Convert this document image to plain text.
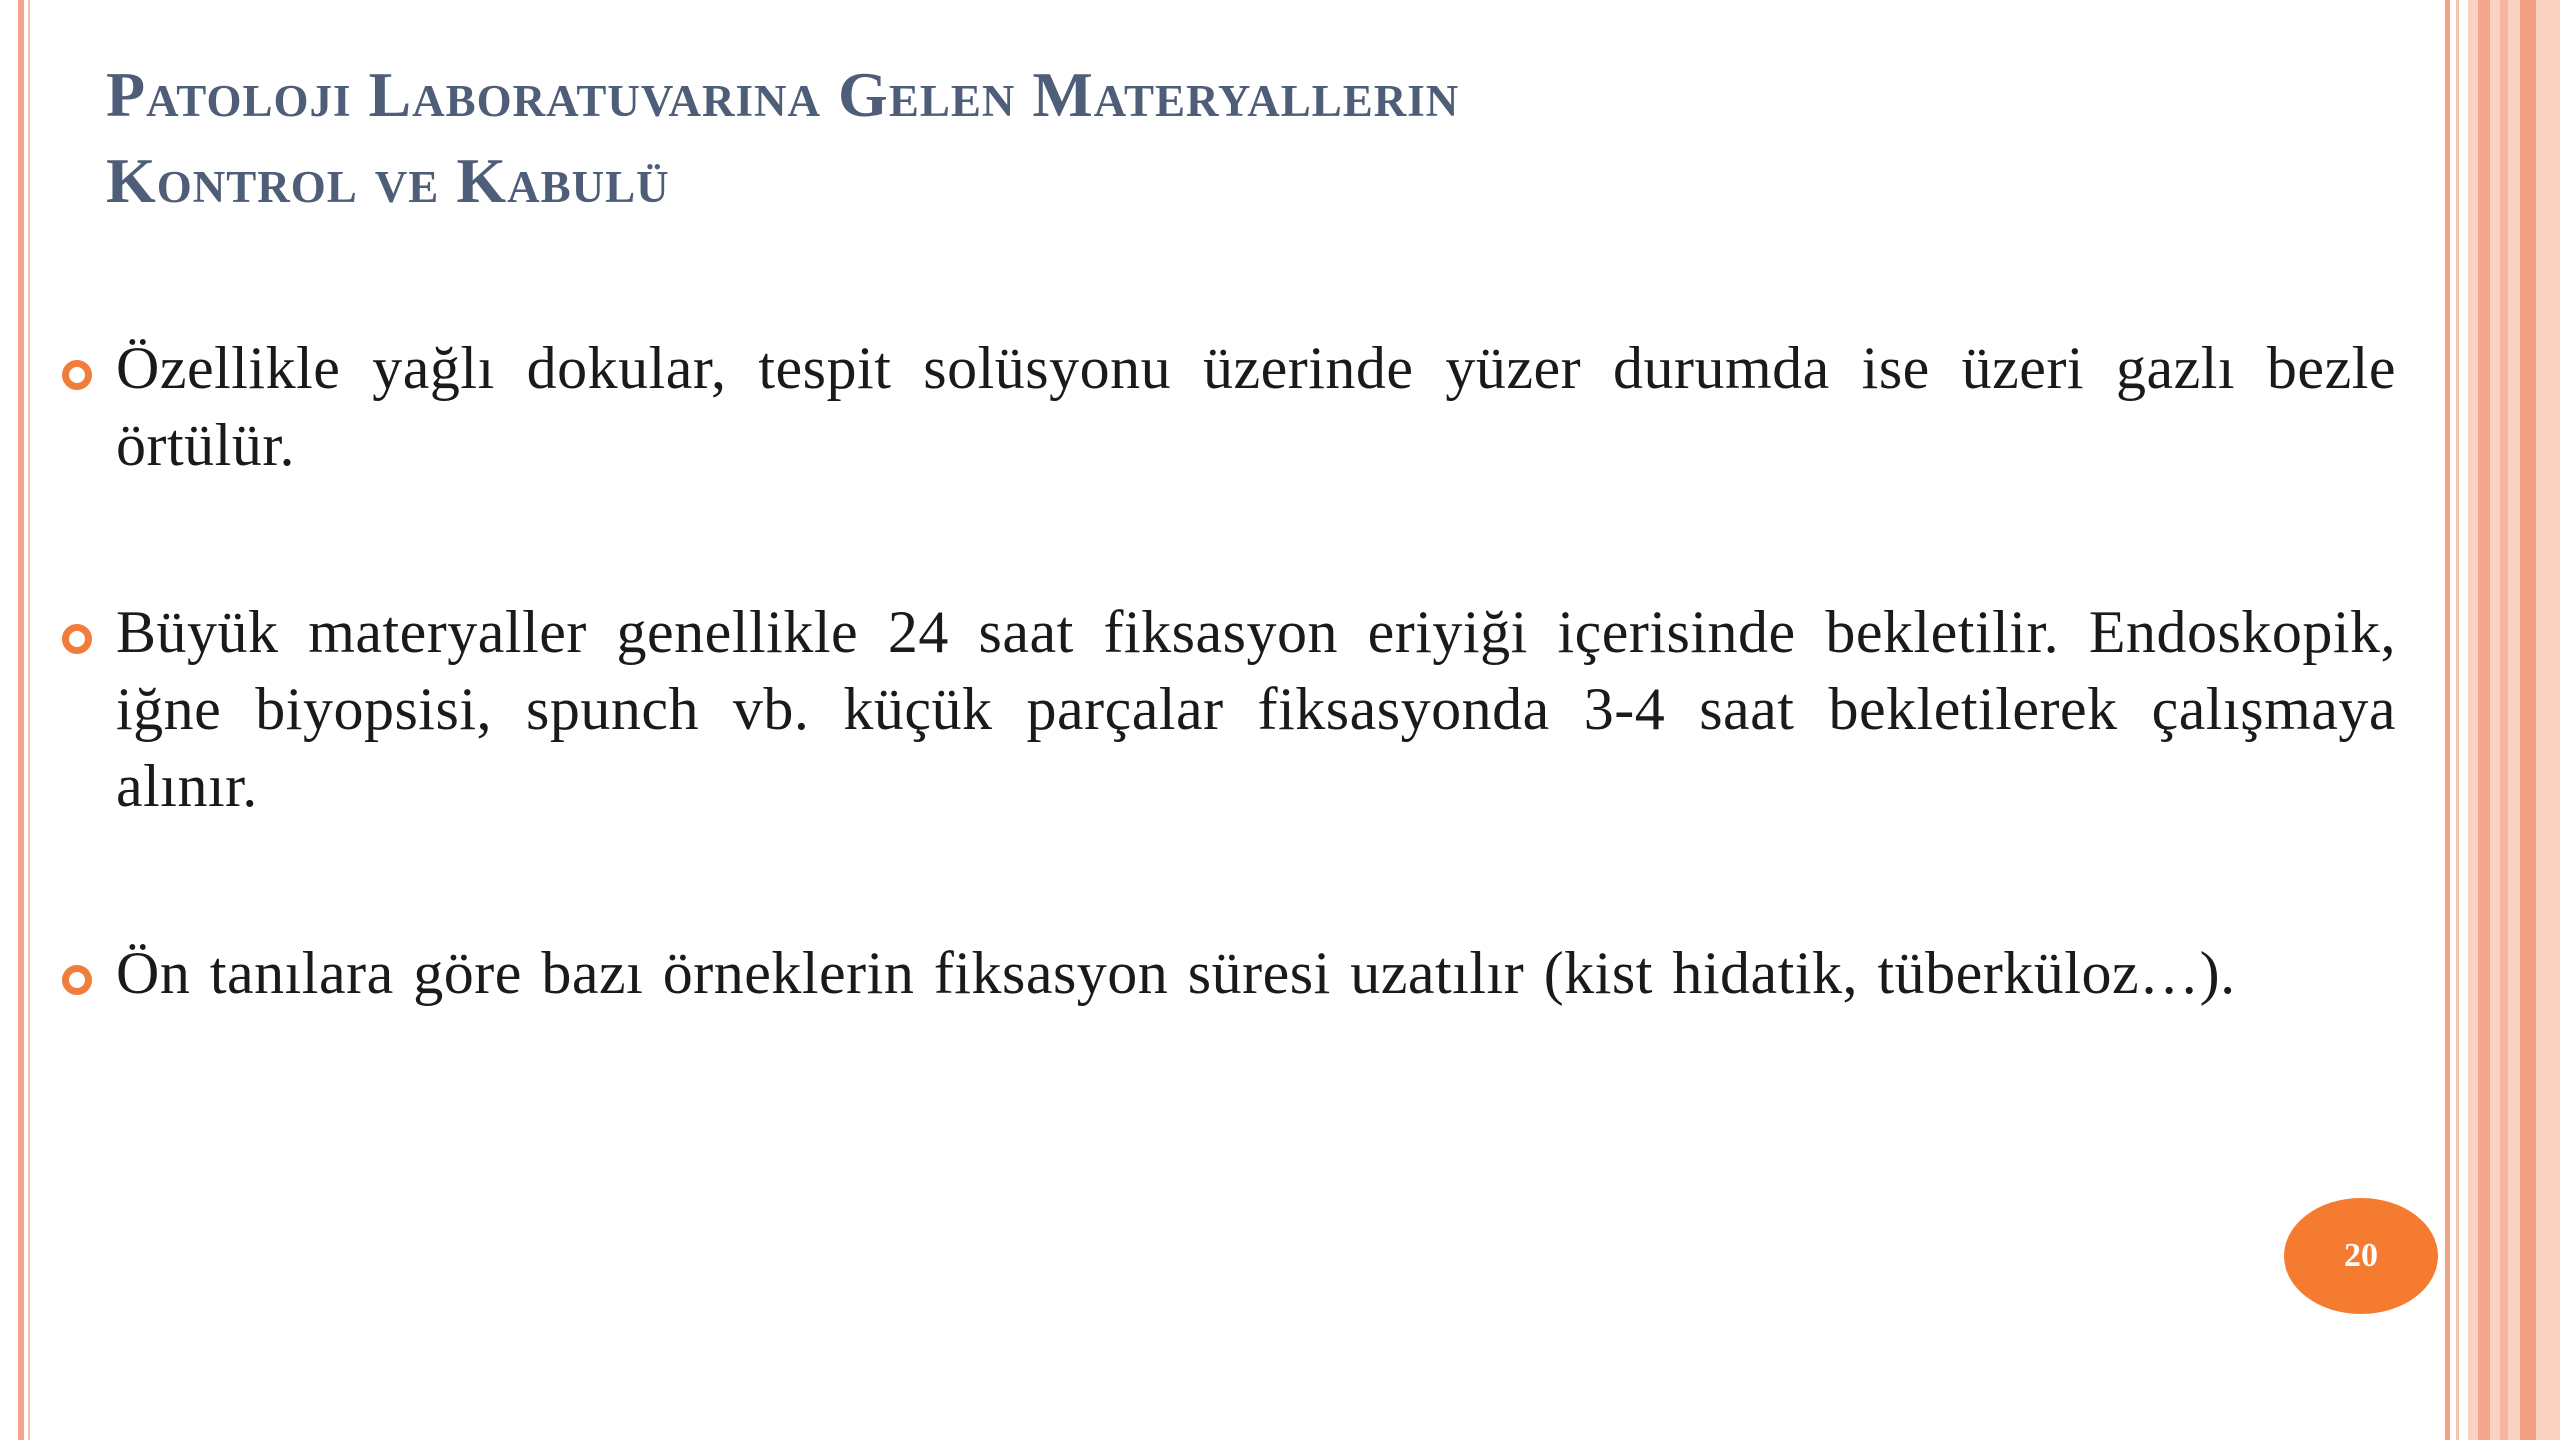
Patoloji Laboratuvarına Gelen Materyallerin
Kontrol ve Kabulü
Özellikle yağlı dokular, tespit solüsyonu üzerinde yüzer durumda ise üzeri gazlı bezle örtülür.
Büyük materyaller genellikle 24 saat fiksasyon eriyiği içerisinde bekletilir. Endoskopik, iğne biyopsisi, spunch vb. küçük parçalar fiksasyonda 3-4 saat bekletilerek çalışmaya alınır.
Ön tanılara göre bazı örneklerin fiksasyon süresi uzatılır (kist hidatik, tüberküloz…).
20
